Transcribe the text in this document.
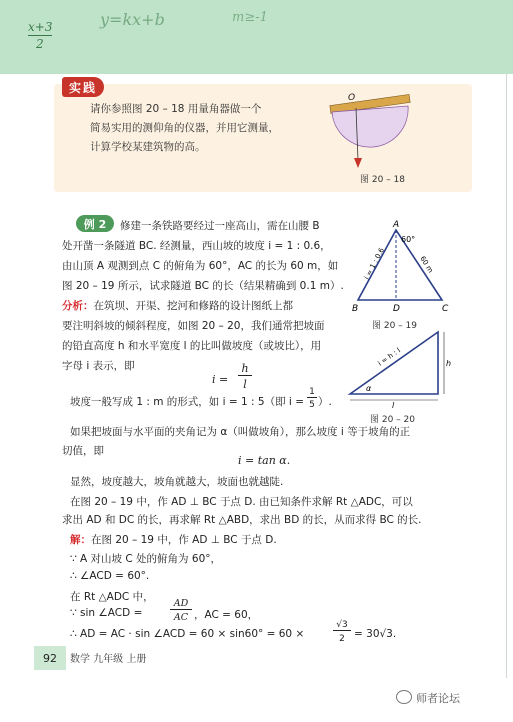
x+3
2
y=kx+b	m≥-1
实践
请你参照图 20 – 18 用量角器做一个
简易实用的测仰角的仪器，并用它测量，
计算学校某建筑物的高。
O
图 20 – 18
例 2	修建一条铁路要经过一座高山，需在山腰 B
处开凿一条隧道 BC. 经测量，西山坡的坡度 i = 1 : 0.6，
由山顶 A 观测到点 C 的俯角为 60°，AC 的长为 60 m，如
图 20 – 19 所示，试求隧道 BC 的长（结果精确到 0.1 m）.
A
B	D	C
60°
i = 1 : 0.6	60 m
图 20 – 19
分析：在筑坝、开渠、挖河和修路的设计图纸上都
要注明斜坡的倾斜程度，如图 20 – 20，我们通常把坡面
的铅直高度 h 和水平宽度 l 的比叫做坡度（或坡比），用
字母 i 表示，即
i =
h
l
坡度一般写成 1 : m 的形式，如 i = 1 : 5（即 i =
1
5 ）.
h
l
α
i = h : l
图 20 – 20
如果把坡面与水平面的夹角记为 α（叫做坡角），那么坡度 i 等于坡角的正
切值，即
i = tan α.
显然，坡度越大，坡角就越大，坡面也就越陡.
在图 20 – 19 中，作 AD ⊥ BC 于点 D. 由已知条件求解 Rt △ADC，可以
求出 AD 和 DC 的长，再求解 Rt △ABD，求出 BD 的长，从而求得 BC 的长.
解：在图 20 – 19 中，作 AD ⊥ BC 于点 D.
∵ A 对山坡 C 处的俯角为 60°，
∴ ∠ACD = 60°.
在 Rt △ADC 中，
∵ sin ∠ACD =
AD
AC ，AC = 60，
∴ AD = AC · sin ∠ACD = 60 × sin60° = 60 ×
√3
2 = 30√3.
92	数学 九年级 上册
师者论坛
